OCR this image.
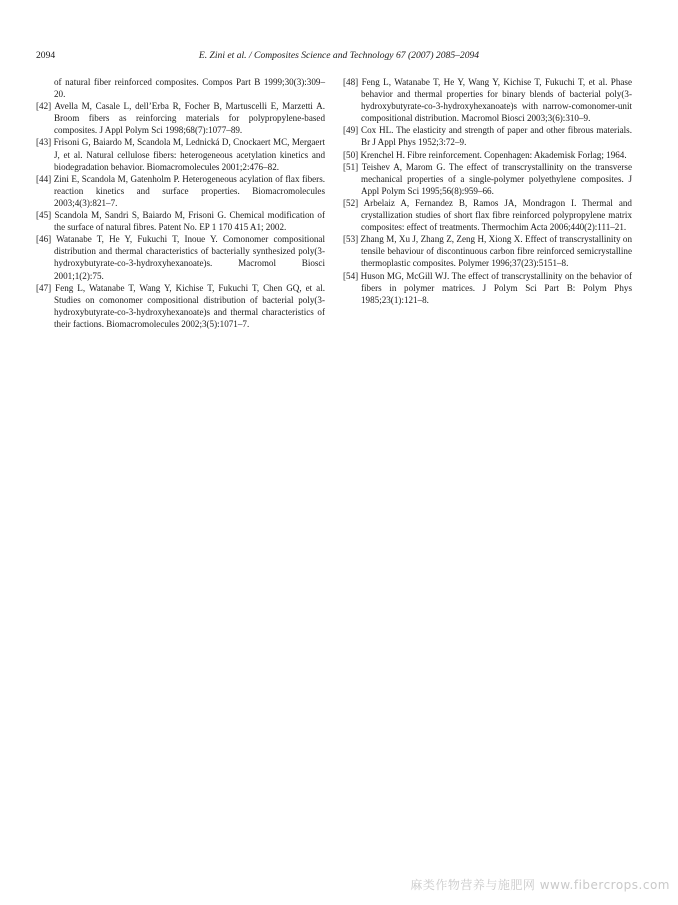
2094	E. Zini et al. / Composites Science and Technology 67 (2007) 2085–2094

of natural fiber reinforced composites. Compos Part B 1999;30(3):309–20.

[42] Avella M, Casale L, dell’Erba R, Focher B, Martuscelli E, Marzetti A. Broom fibers as reinforcing materials for polypropylene-based composites. J Appl Polym Sci 1998;68(7):1077–89.

[43] Frisoni G, Baiardo M, Scandola M, Lednická D, Cnockaert MC, Mergaert J, et al. Natural cellulose fibers: heterogeneous acetylation kinetics and biodegradation behavior. Biomacromolecules 2001;2:476–82.

[44] Zini E, Scandola M, Gatenholm P. Heterogeneous acylation of flax fibers. reaction kinetics and surface properties. Biomacromolecules 2003;4(3):821–7.

[45] Scandola M, Sandri S, Baiardo M, Frisoni G. Chemical modification of the surface of natural fibres. Patent No. EP 1 170 415 A1; 2002.

[46] Watanabe T, He Y, Fukuchi T, Inoue Y. Comonomer compositional distribution and thermal characteristics of bacterially synthesized poly(3-hydroxybutyrate-co-3-hydroxyhexanoate)s. Macromol Biosci 2001;1(2):75.

[47] Feng L, Watanabe T, Wang Y, Kichise T, Fukuchi T, Chen GQ, et al. Studies on comonomer compositional distribution of bacterial poly(3-hydroxybutyrate-co-3-hydroxyhexanoate)s and thermal characteristics of their factions. Biomacromolecules 2002;3(5):1071–7.

[48] Feng L, Watanabe T, He Y, Wang Y, Kichise T, Fukuchi T, et al. Phase behavior and thermal properties for binary blends of bacterial poly(3-hydroxybutyrate-co-3-hydroxyhexanoate)s with narrow-comonomer-unit compositional distribution. Macromol Biosci 2003;3(6):310–9.

[49] Cox HL. The elasticity and strength of paper and other fibrous materials. Br J Appl Phys 1952;3:72–9.

[50] Krenchel H. Fibre reinforcement. Copenhagen: Akademisk Forlag; 1964.

[51] Teishev A, Marom G. The effect of transcrystallinity on the transverse mechanical properties of a single-polymer polyethylene composites. J Appl Polym Sci 1995;56(8):959–66.

[52] Arbelaiz A, Fernandez B, Ramos JA, Mondragon I. Thermal and crystallization studies of short flax fibre reinforced polypropylene matrix composites: effect of treatments. Thermochim Acta 2006;440(2):111–21.

[53] Zhang M, Xu J, Zhang Z, Zeng H, Xiong X. Effect of transcrystallinity on tensile behaviour of discontinuous carbon fibre reinforced semicrystalline thermoplastic composites. Polymer 1996;37(23):5151–8.

[54] Huson MG, McGill WJ. The effect of transcrystallinity on the behavior of fibers in polymer matrices. J Polym Sci Part B: Polym Phys 1985;23(1):121–8.

麻类作物营养与施肥网 www.fibercrops.com
